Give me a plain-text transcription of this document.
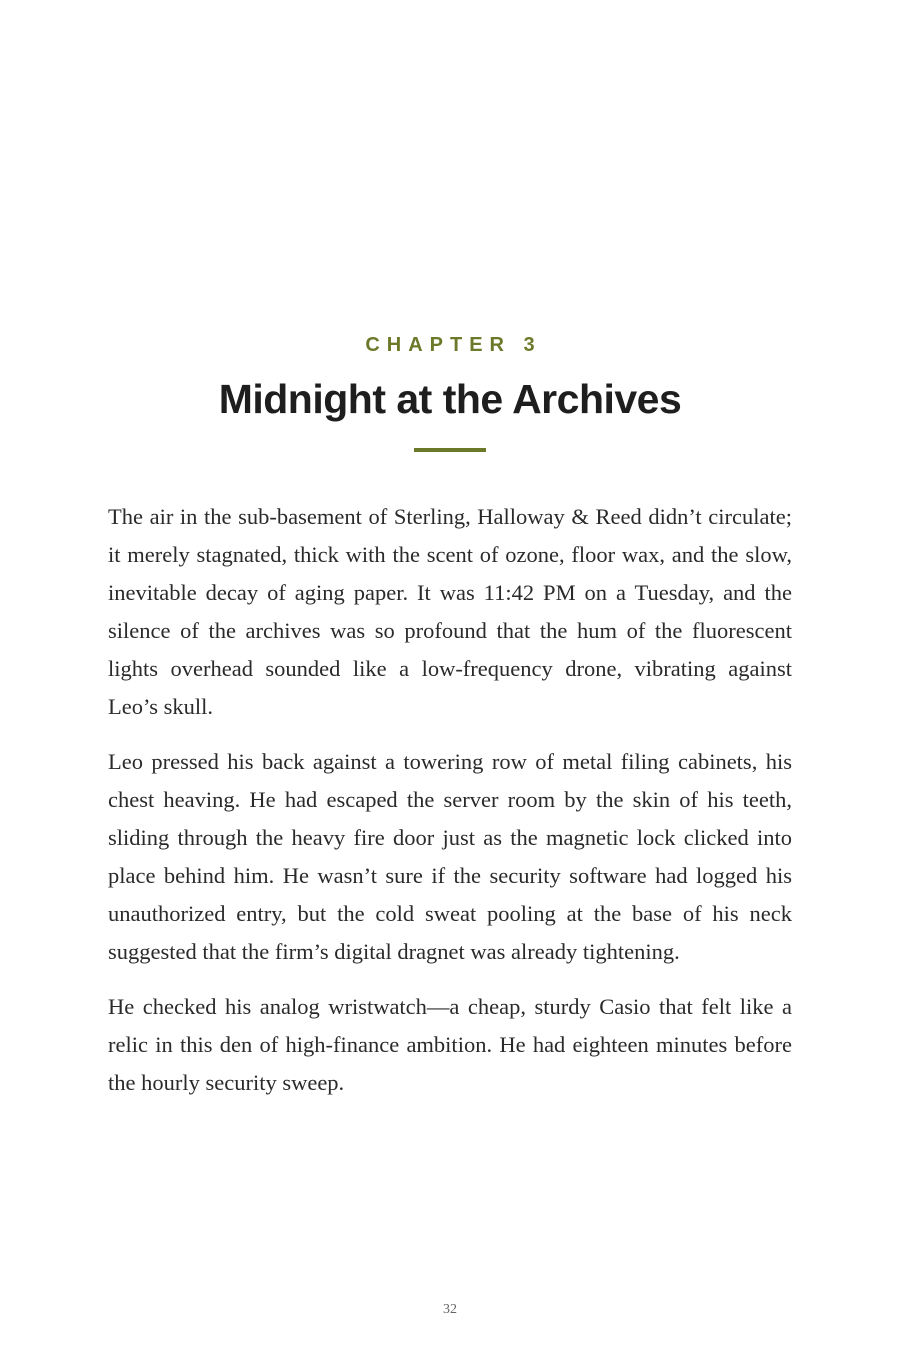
CHAPTER 3
Midnight at the Archives

The air in the sub-basement of Sterling, Halloway & Reed didn’t circulate; it merely stagnated, thick with the scent of ozone, floor wax, and the slow, inevitable decay of aging paper. It was 11:42 PM on a Tuesday, and the silence of the archives was so profound that the hum of the fluorescent lights overhead sounded like a low-frequency drone, vibrating against Leo’s skull.

Leo pressed his back against a towering row of metal filing cabinets, his chest heaving. He had escaped the server room by the skin of his teeth, sliding through the heavy fire door just as the magnetic lock clicked into place behind him. He wasn’t sure if the security software had logged his unauthorized entry, but the cold sweat pooling at the base of his neck suggested that the firm’s digital dragnet was already tightening.

He checked his analog wristwatch—a cheap, sturdy Casio that felt like a relic in this den of high-finance ambition. He had eighteen minutes before the hourly security sweep.

32
